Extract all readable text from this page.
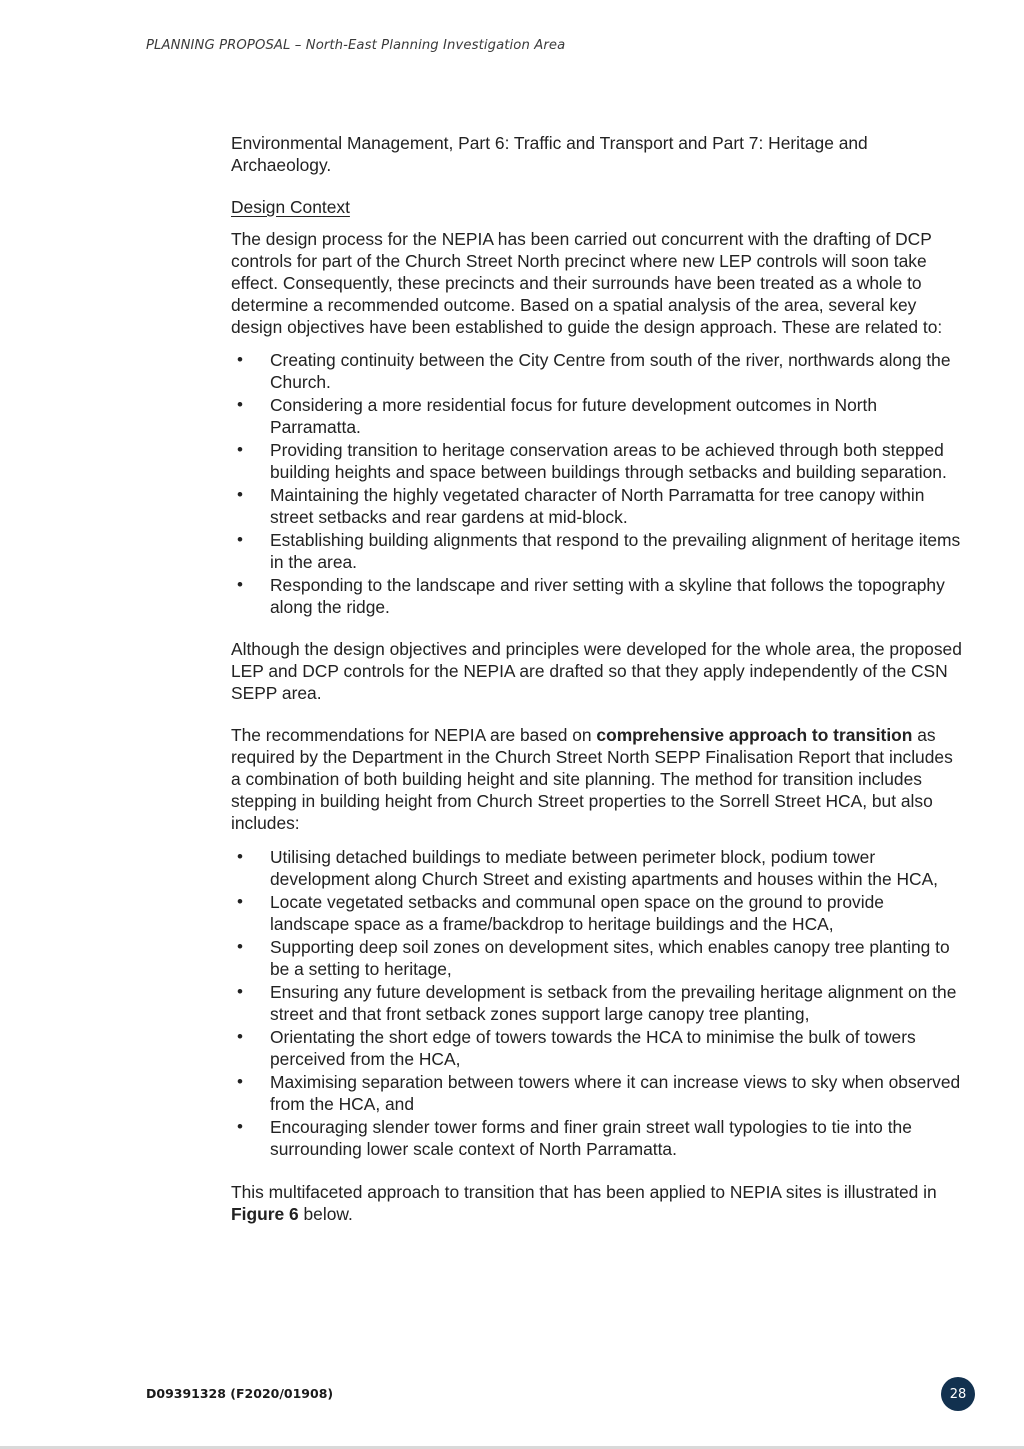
PLANNING PROPOSAL – North-East Planning Investigation Area

Environmental Management, Part 6: Traffic and Transport and Part 7: Heritage and Archaeology.

Design Context

The design process for the NEPIA has been carried out concurrent with the drafting of DCP controls for part of the Church Street North precinct where new LEP controls will soon take effect. Consequently, these precincts and their surrounds have been treated as a whole to determine a recommended outcome. Based on a spatial analysis of the area, several key design objectives have been established to guide the design approach. These are related to:

• Creating continuity between the City Centre from south of the river, northwards along the Church.
• Considering a more residential focus for future development outcomes in North Parramatta.
• Providing transition to heritage conservation areas to be achieved through both stepped building heights and space between buildings through setbacks and building separation.
• Maintaining the highly vegetated character of North Parramatta for tree canopy within street setbacks and rear gardens at mid-block.
• Establishing building alignments that respond to the prevailing alignment of heritage items in the area.
• Responding to the landscape and river setting with a skyline that follows the topography along the ridge.

Although the design objectives and principles were developed for the whole area, the proposed LEP and DCP controls for the NEPIA are drafted so that they apply independently of the CSN SEPP area.

The recommendations for NEPIA are based on comprehensive approach to transition as required by the Department in the Church Street North SEPP Finalisation Report that includes a combination of both building height and site planning. The method for transition includes stepping in building height from Church Street properties to the Sorrell Street HCA, but also includes:

• Utilising detached buildings to mediate between perimeter block, podium tower development along Church Street and existing apartments and houses within the HCA,
• Locate vegetated setbacks and communal open space on the ground to provide landscape space as a frame/backdrop to heritage buildings and the HCA,
• Supporting deep soil zones on development sites, which enables canopy tree planting to be a setting to heritage,
• Ensuring any future development is setback from the prevailing heritage alignment on the street and that front setback zones support large canopy tree planting,
• Orientating the short edge of towers towards the HCA to minimise the bulk of towers perceived from the HCA,
• Maximising separation between towers where it can increase views to sky when observed from the HCA, and
• Encouraging slender tower forms and finer grain street wall typologies to tie into the surrounding lower scale context of North Parramatta.

This multifaceted approach to transition that has been applied to NEPIA sites is illustrated in Figure 6 below.

D09391328 (F2020/01908)	28
